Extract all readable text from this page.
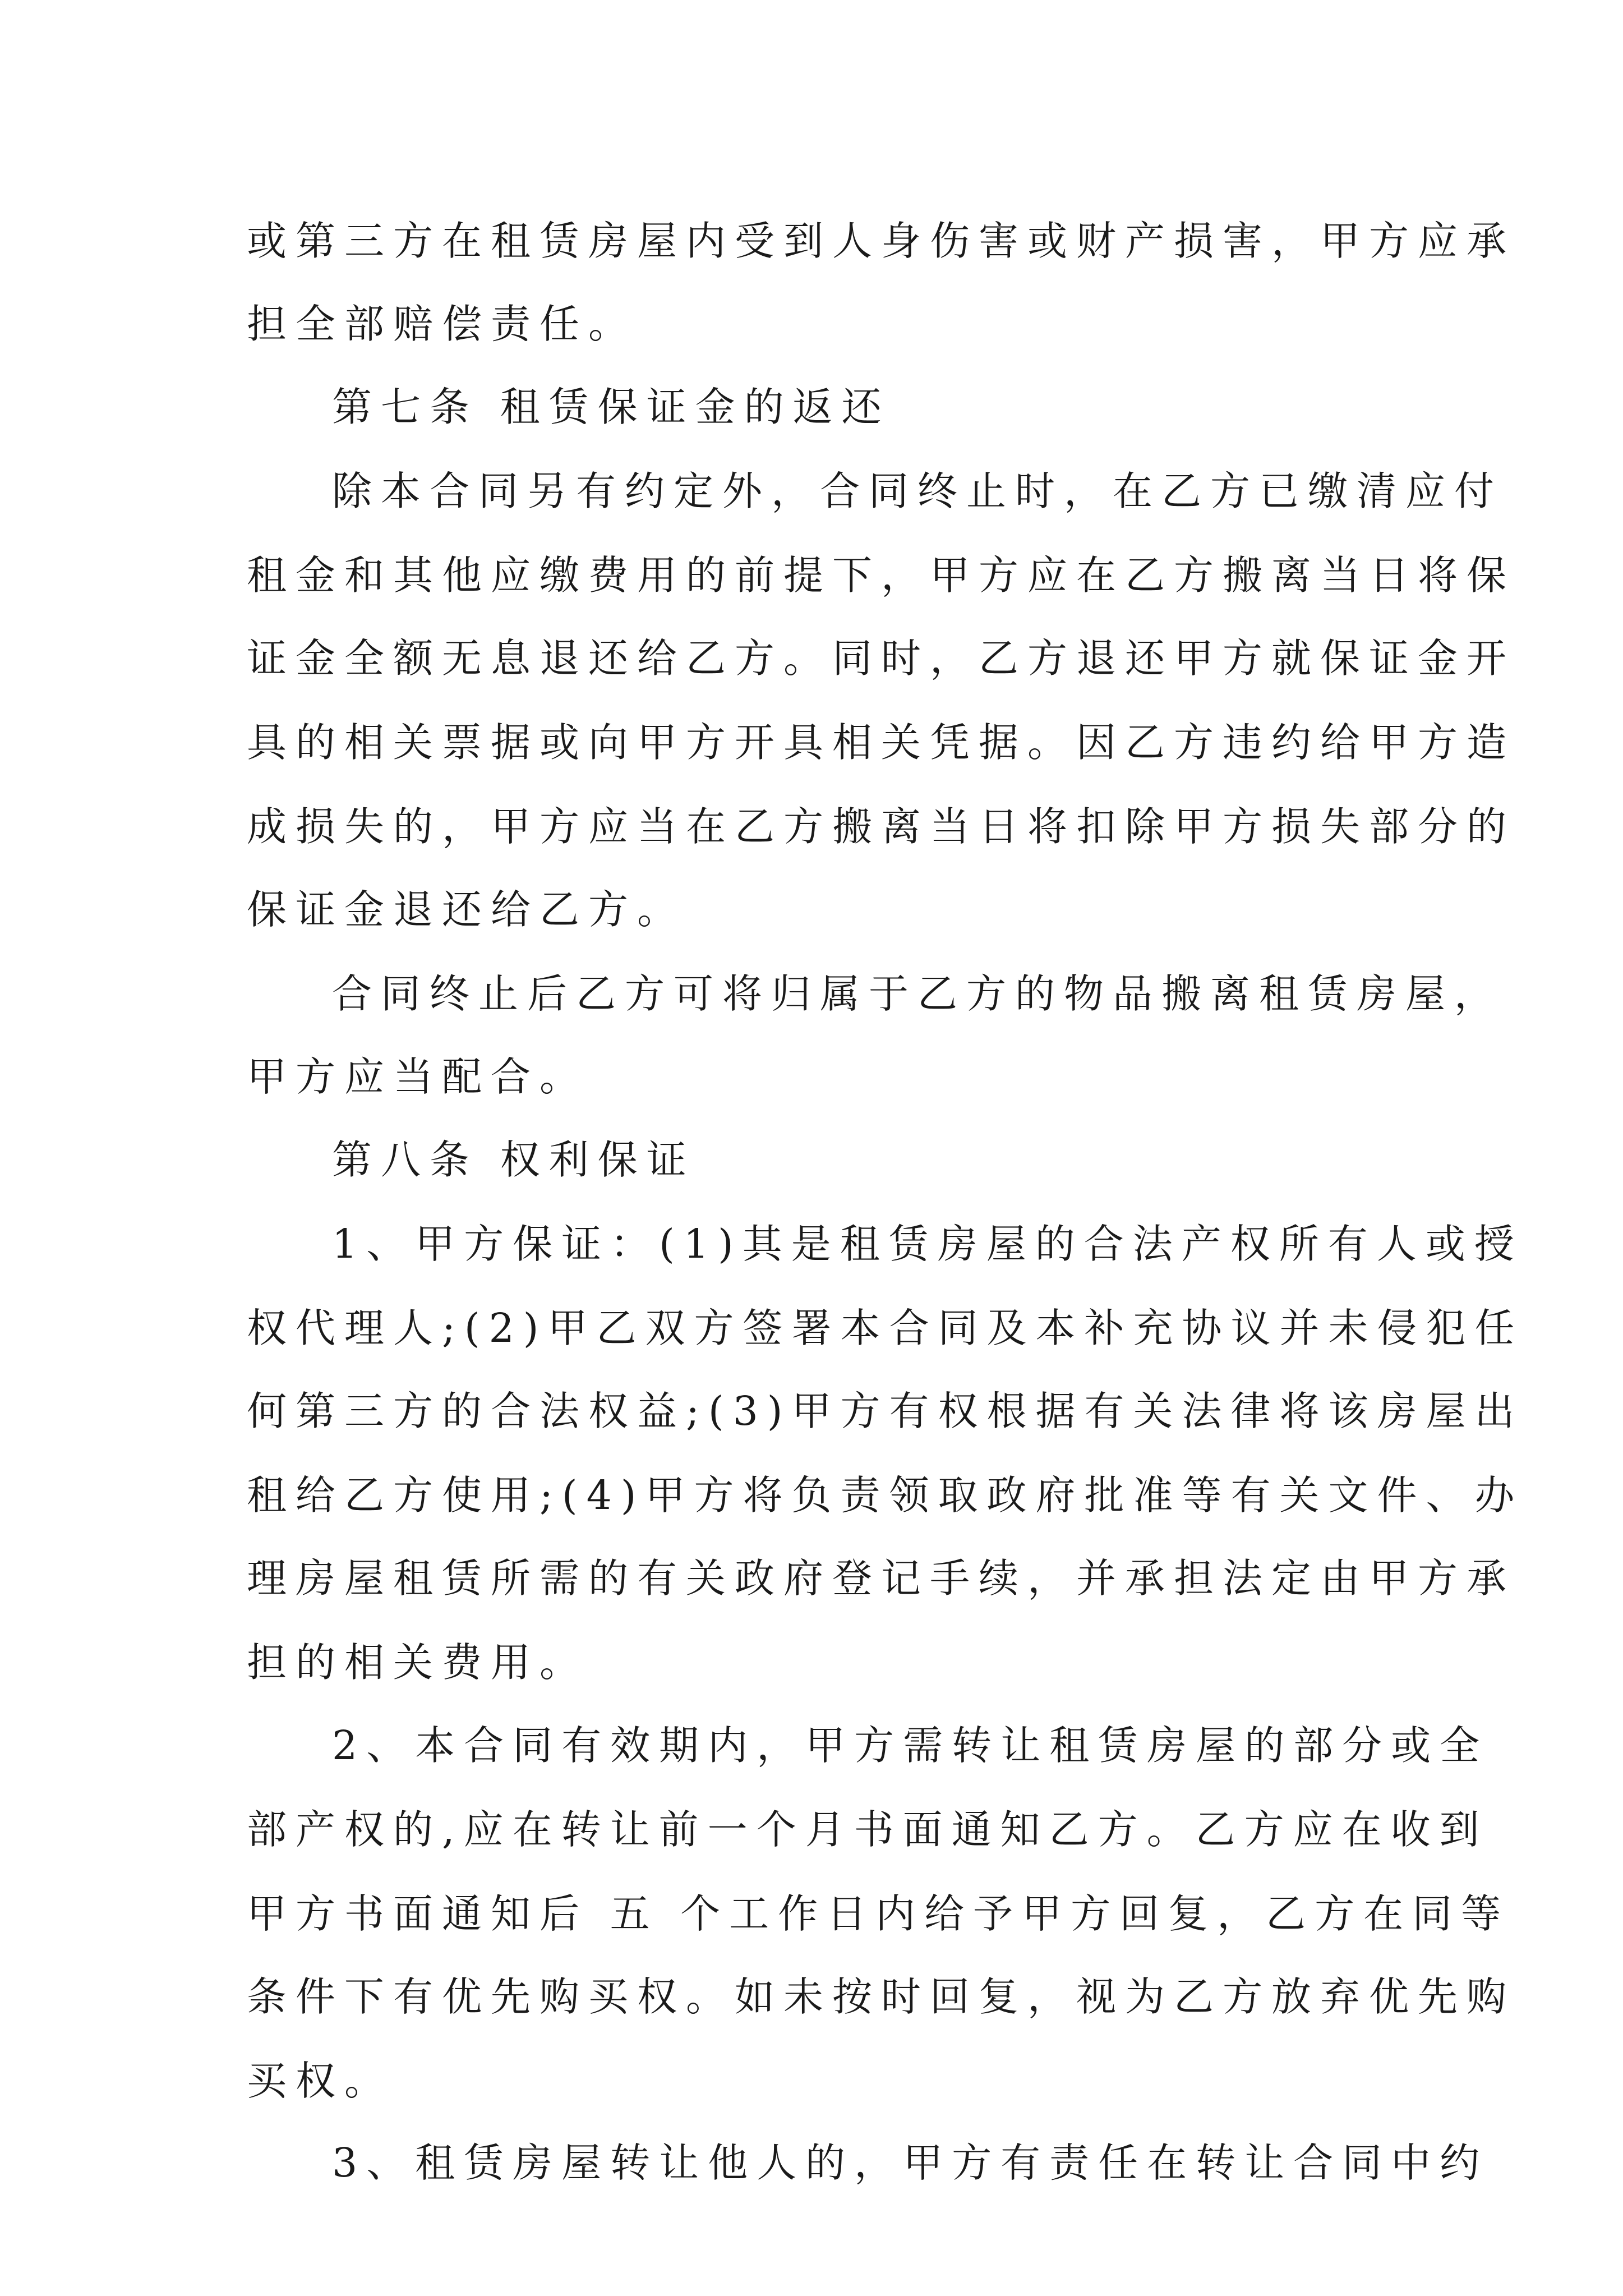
或第三方在租赁房屋内受到人身伤害或财产损害，甲方应承
担全部赔偿责任。
第七条 租赁保证金的返还
除本合同另有约定外，合同终止时，在乙方已缴清应付
租金和其他应缴费用的前提下，甲方应在乙方搬离当日将保
证金全额无息退还给乙方。同时，乙方退还甲方就保证金开
具的相关票据或向甲方开具相关凭据。因乙方违约给甲方造
成损失的，甲方应当在乙方搬离当日将扣除甲方损失部分的
保证金退还给乙方。
合同终止后乙方可将归属于乙方的物品搬离租赁房屋，
甲方应当配合。
第八条 权利保证
1、甲方保证：(1)其是租赁房屋的合法产权所有人或授
权代理人;(2)甲乙双方签署本合同及本补充协议并未侵犯任
何第三方的合法权益;(3)甲方有权根据有关法律将该房屋出
租给乙方使用;(4)甲方将负责领取政府批准等有关文件、办
理房屋租赁所需的有关政府登记手续，并承担法定由甲方承
担的相关费用。
2、本合同有效期内，甲方需转让租赁房屋的部分或全
部产权的,应在转让前一个月书面通知乙方。乙方应在收到
甲方书面通知后 五 个工作日内给予甲方回复，乙方在同等
条件下有优先购买权。如未按时回复，视为乙方放弃优先购
买权。
3、租赁房屋转让他人的，甲方有责任在转让合同中约
